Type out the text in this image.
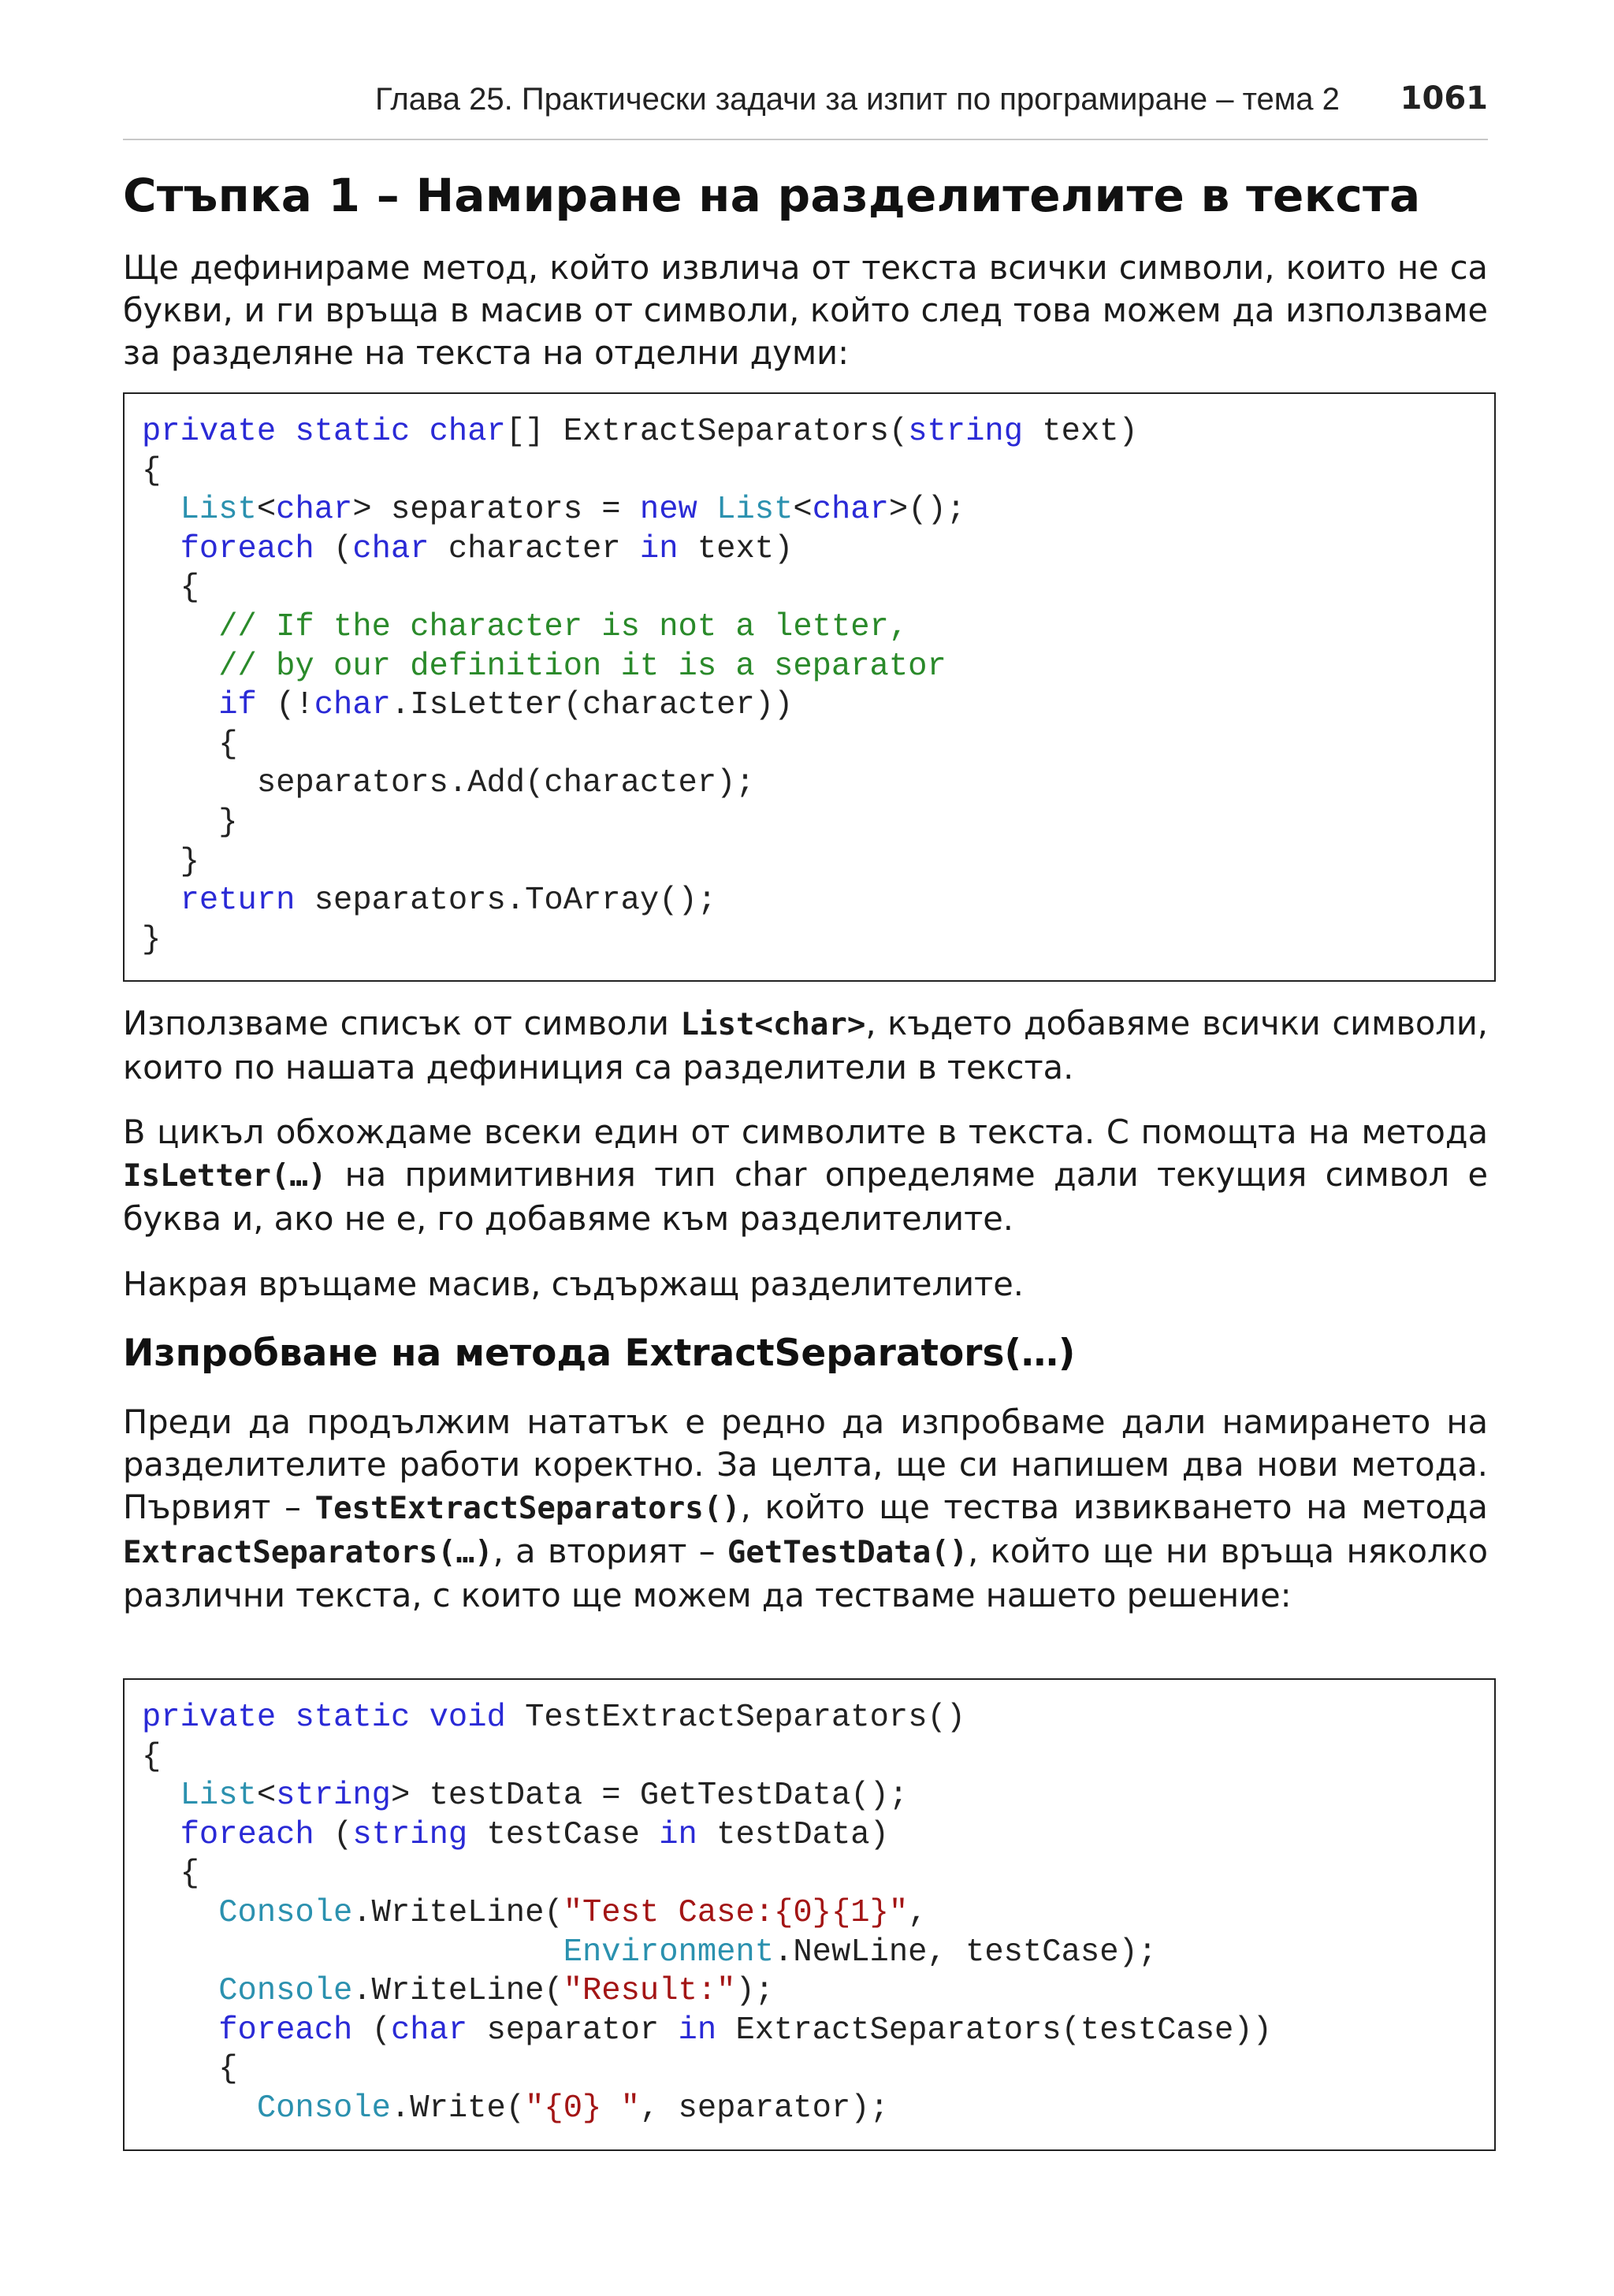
Глава 25. Практически задачи за изпит по програмиране – тема 2 1061
Стъпка 1 – Намиране на разделителите в текста

Ще дефинираме метод, който извлича от текста всички символи, които не са букви, и ги връща в масив от символи, който след това можем да използваме за разделяне на текста на отделни думи:

private static char[] ExtractSeparators(string text)
{
List<char> separators = new List<char>();
foreach (char character in text)
{
// If the character is not a letter,
// by our definition it is a separator
if (!char.IsLetter(character))
{
separators.Add(character);
}
}
return separators.ToArray();
}

Използваме списък от символи List<char>, където добавяме всички символи, които по нашата дефиниция са разделители в текста.

В цикъл обхождаме всеки един от символите в текста. С помощта на метода IsLetter(…) на примитивния тип char определяме дали текущия символ е буква и, ако не е, го добавяме към разделителите.

Накрая връщаме масив, съдържащ разделителите.

Изпробване на метода ExtractSeparators(…)

Преди да продължим нататък е редно да изпробваме дали намирането на разделителите работи коректно. За целта, ще си напишем два нови метода. Първият – TestExtractSeparators(), който ще тества извикването на метода ExtractSeparators(…), а вторият – GetTestData(), който ще ни връща няколко различни текста, с които ще можем да тестваме нашето решение:

private static void TestExtractSeparators()
{
List<string> testData = GetTestData();
foreach (string testCase in testData)
{
Console.WriteLine("Test Case:{0}{1}",
Environment.NewLine, testCase);
Console.WriteLine("Result:");
foreach (char separator in ExtractSeparators(testCase))
{
Console.Write("{0} ", separator);
